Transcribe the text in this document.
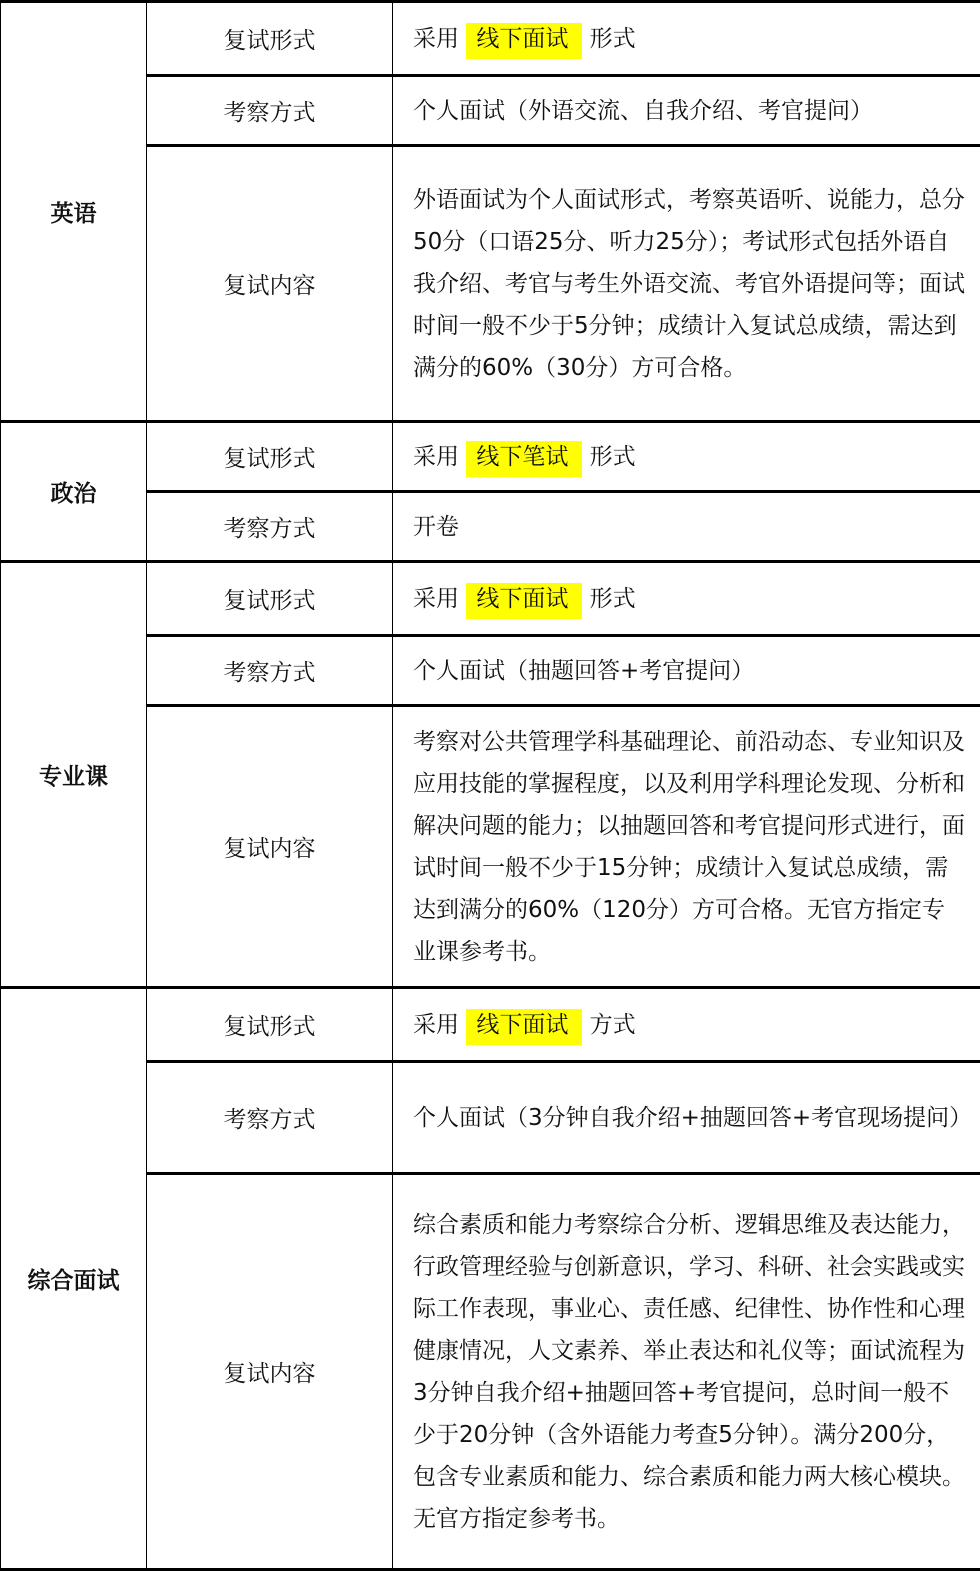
英语	复试形式	采用 线下面试 形式
	考察方式	个人面试（外语交流、自我介绍、考官提问）
	复试内容	外语面试为个人面试形式，考察英语听、说能力，总分50分（口语25分、听力25分）；考试形式包括外语自我介绍、考官与考生外语交流、考官外语提问等；面试时间一般不少于5分钟；成绩计入复试总成绩，需达到满分的60%（30分）方可合格。
政治	复试形式	采用 线下笔试 形式
	考察方式	开卷
专业课	复试形式	采用 线下面试 形式
	考察方式	个人面试（抽题回答+考官提问）
	复试内容	考察对公共管理学科基础理论、前沿动态、专业知识及应用技能的掌握程度，以及利用学科理论发现、分析和解决问题的能力；以抽题回答和考官提问形式进行，面试时间一般不少于15分钟；成绩计入复试总成绩，需达到满分的60%（120分）方可合格。无官方指定专业课参考书。
综合面试	复试形式	采用 线下面试 方式
	考察方式	个人面试（3分钟自我介绍+抽题回答+考官现场提问）
	复试内容	综合素质和能力考察综合分析、逻辑思维及表达能力，行政管理经验与创新意识，学习、科研、社会实践或实际工作表现，事业心、责任感、纪律性、协作性和心理健康情况，人文素养、举止表达和礼仪等；面试流程为3分钟自我介绍+抽题回答+考官提问，总时间一般不少于20分钟（含外语能力考查5分钟）。满分200分，包含专业素质和能力、综合素质和能力两大核心模块。无官方指定参考书。
